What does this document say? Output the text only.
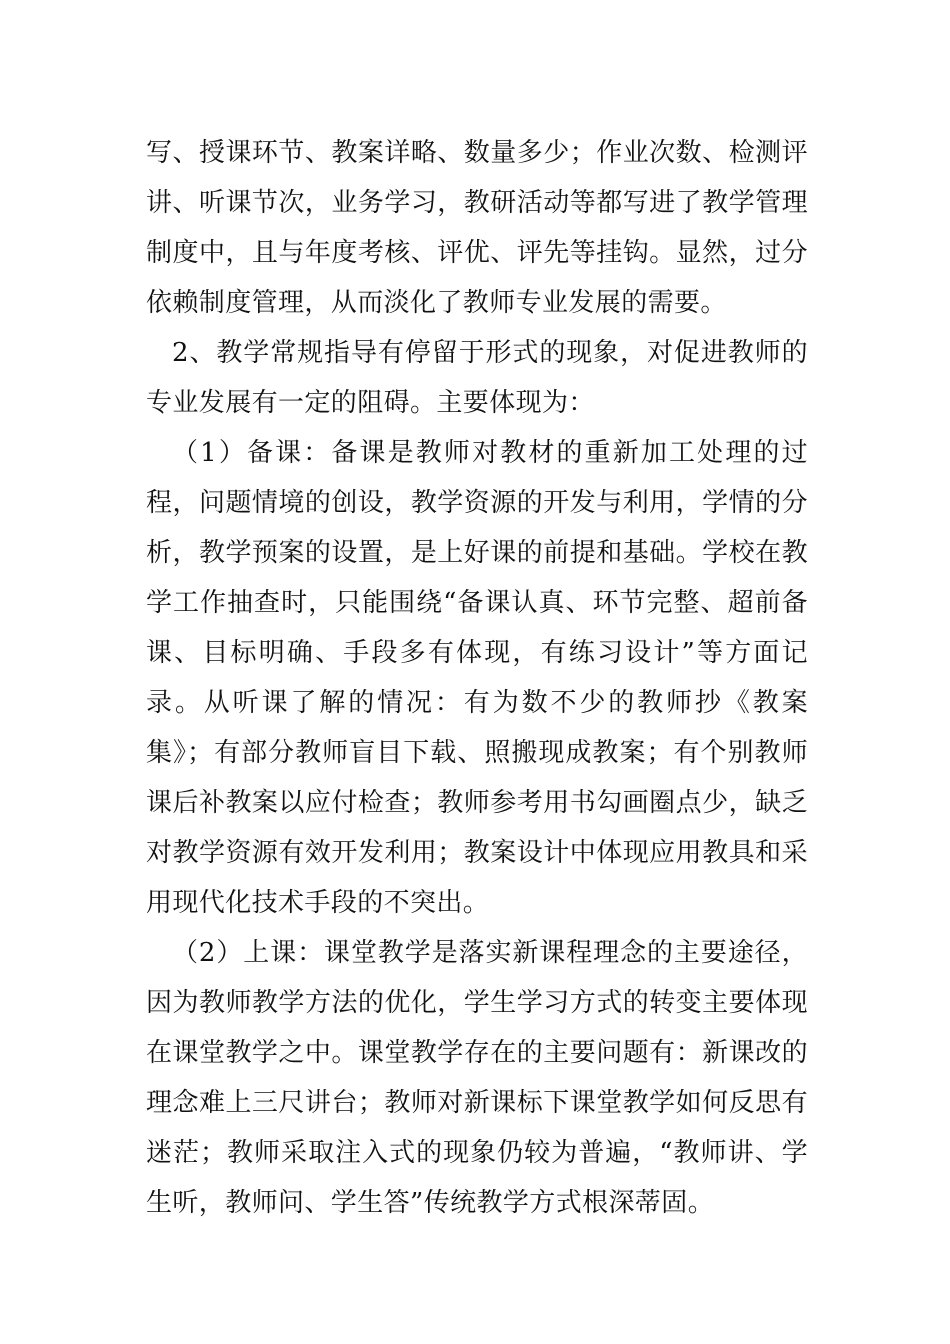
写、授课环节、教案详略、数量多少；作业次数、检测评讲、听课节次，业务学习，教研活动等都写进了教学管理制度中，且与年度考核、评优、评先等挂钩。显然，过分依赖制度管理，从而淡化了教师专业发展的需要。

2、教学常规指导有停留于形式的现象，对促进教师的专业发展有一定的阻碍。主要体现为：

（1）备课：备课是教师对教材的重新加工处理的过程，问题情境的创设，教学资源的开发与利用，学情的分析，教学预案的设置，是上好课的前提和基础。学校在教学工作抽查时，只能围绕“备课认真、环节完整、超前备课、目标明确、手段多有体现，有练习设计”等方面记录。从听课了解的情况：有为数不少的教师抄《教案集》；有部分教师盲目下载、照搬现成教案；有个别教师课后补教案以应付检查；教师参考用书勾画圈点少，缺乏对教学资源有效开发利用；教案设计中体现应用教具和采用现代化技术手段的不突出。

（2）上课：课堂教学是落实新课程理念的主要途径，因为教师教学方法的优化，学生学习方式的转变主要体现在课堂教学之中。课堂教学存在的主要问题有：新课改的理念难上三尺讲台；教师对新课标下课堂教学如何反思有迷茫；教师采取注入式的现象仍较为普遍，“教师讲、学生听，教师问、学生答”传统教学方式根深蒂固。
